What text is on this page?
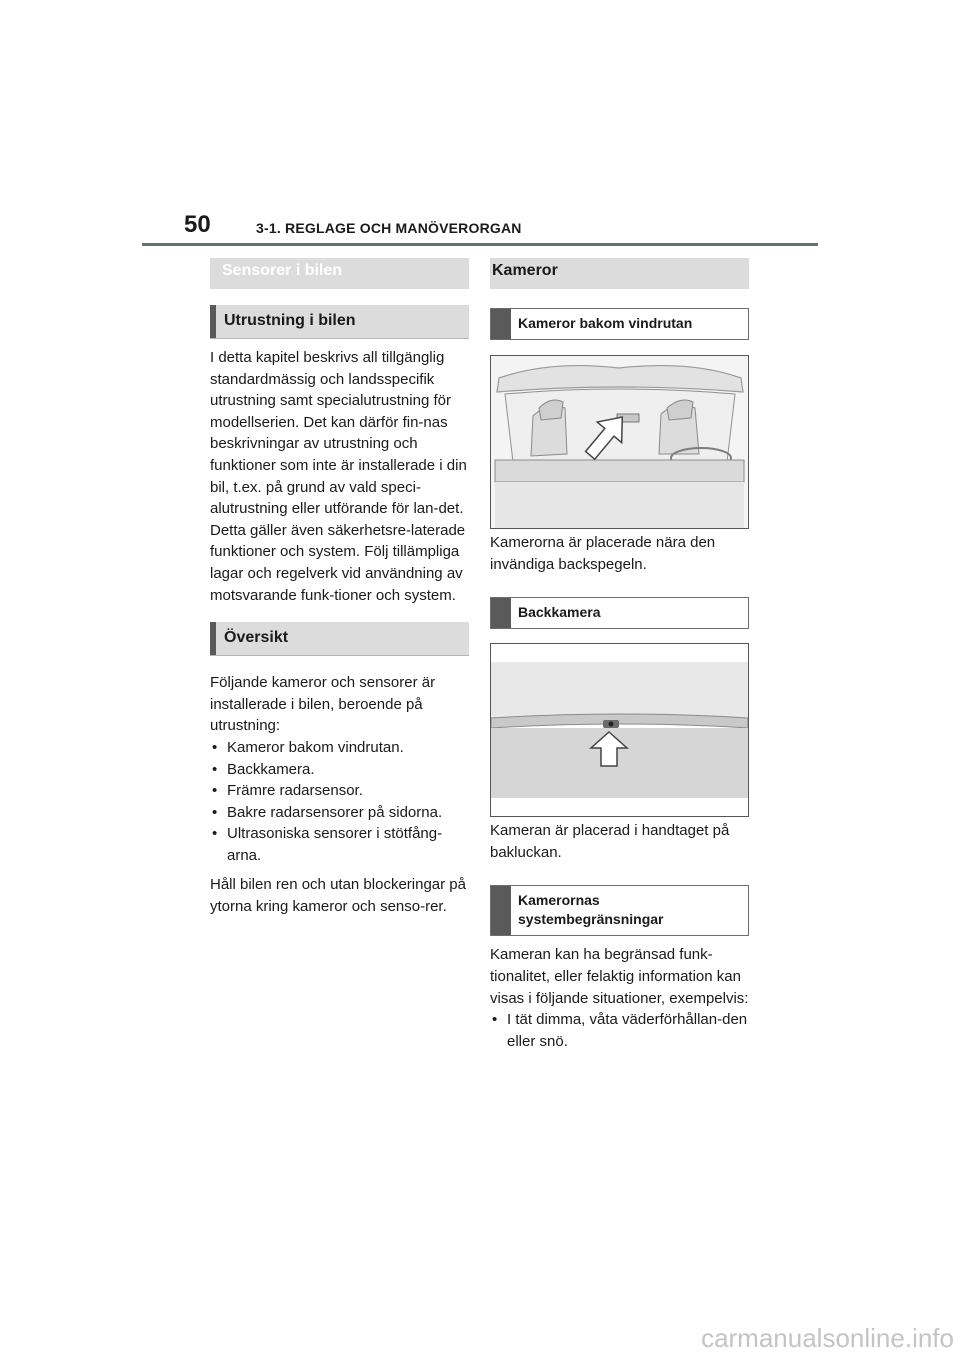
50	3-1. REGLAGE OCH MANÖVERORGAN
Sensorer i bilen
Utrustning i bilen

I detta kapitel beskrivs all tillgänglig standardmässig och landsspecifik utrustning samt specialutrustning för modellserien. Det kan därför fin-nas beskrivningar av utrustning och funktioner som inte är installerade i din bil, t.ex. på grund av vald speci-alutrustning eller utförande för lan-det. Detta gäller även säkerhetsre-laterade funktioner och system. Följ tillämpliga lagar och regelverk vid användning av motsvarande funk-tioner och system.

Översikt

Följande kameror och sensorer är installerade i bilen, beroende på utrustning:

• Kameror bakom vindrutan.
• Backkamera.
• Främre radarsensor.
• Bakre radarsensorer på sidorna.
• Ultrasoniska sensorer i stötfång-arna.

Håll bilen ren och utan blockeringar på ytorna kring kameror och senso-rer.

Kameror
Kameror bakom vindrutan

Kamerorna är placerade nära den invändiga backspegeln.

Backkamera

Kameran är placerad i handtaget på bakluckan.

Kamerornas systembegränsningar

Kameran kan ha begränsad funk-tionalitet, eller felaktig information kan visas i följande situationer, exempelvis:

• I tät dimma, våta väderförhållan-den eller snö.
carmanualsonline.info
